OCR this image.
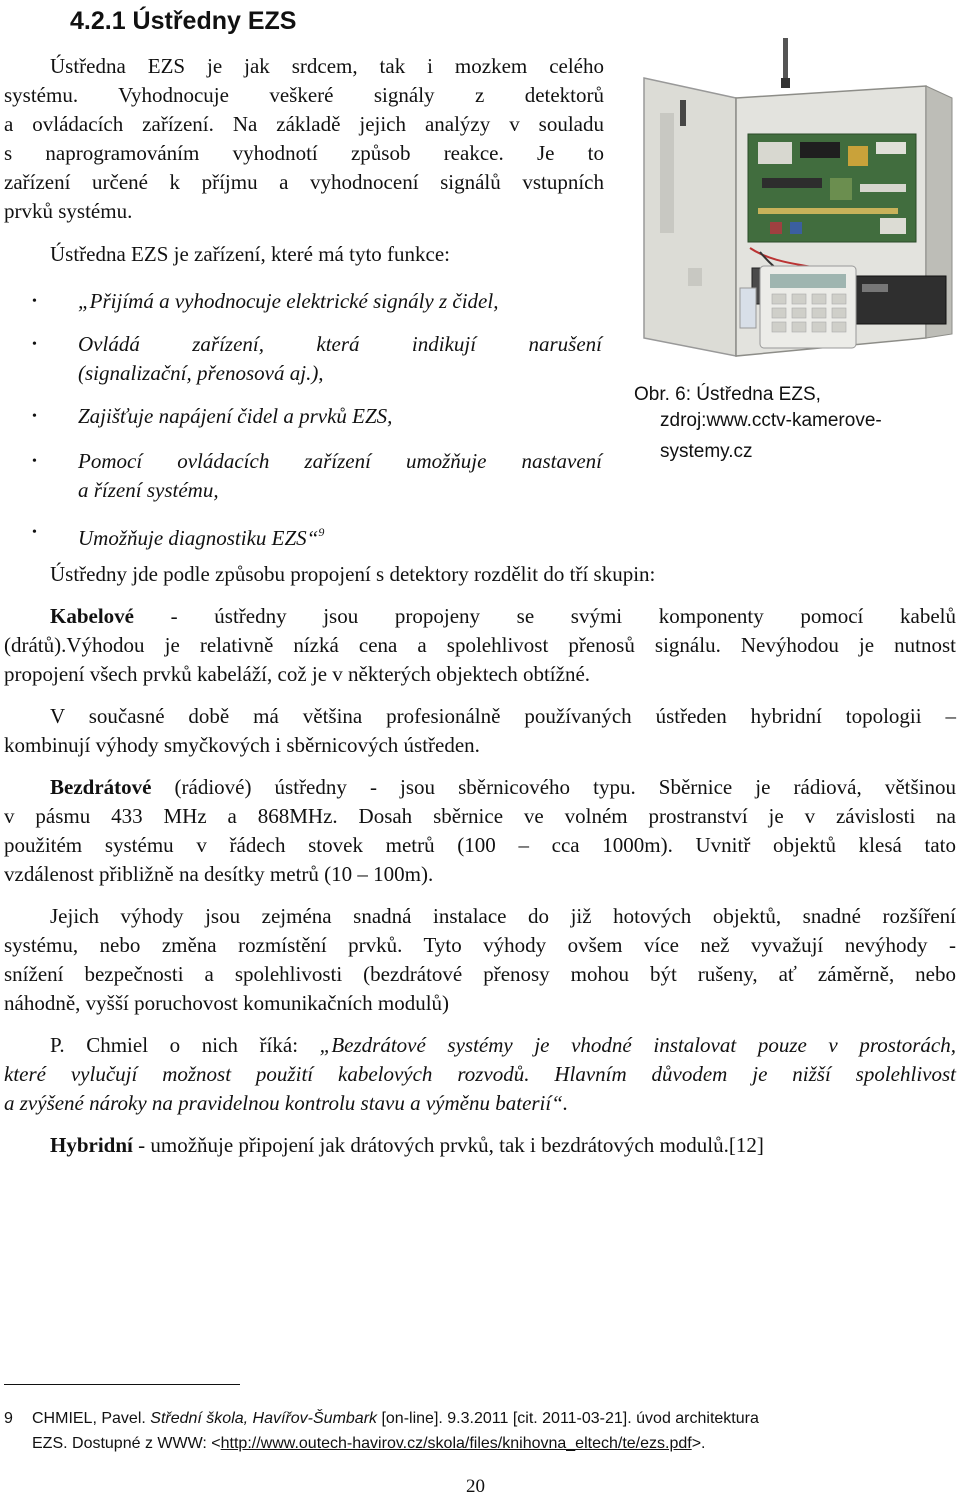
4.2.1 Ústředny EZS
Ústředna EZS je jak srdcem, tak i mozkem celého
systému. Vyhodnocuje veškeré signály z detektorů
a ovládacích zařízení. Na základě jejich analýzy v souladu
s naprogramováním vyhodnotí způsob reakce. Je to
zařízení určené k příjmu a vyhodnocení signálů vstupních
prvků systému.
Ústředna EZS je zařízení, které má tyto funkce:
• „Přijímá a vyhodnocuje elektrické signály z čidel,
• Ovládá zařízení, která indikují narušení
(signalizační, přenosová aj.),
• Zajišťuje napájení čidel a prvků EZS,
• Pomocí ovládacích zařízení umožňuje nastavení
a řízení systému,
• Umožňuje diagnostiku EZS“$^9$
Obr. 6: Ústředna EZS,
zdroj:www.cctv-kamerove-
systemy.cz
Ústředny jde podle způsobu propojení s detektory rozdělit do tří skupin:
Kabelové - ústředny jsou propojeny se svými komponenty pomocí kabelů
(drátů).Výhodou je relativně nízká cena a spolehlivost přenosů signálu. Nevýhodou je nutnost
propojení všech prvků kabeláží, což je v některých objektech obtížné.
V současné době má většina profesionálně používaných ústředen hybridní topologii –
kombinují výhody smyčkových i sběrnicových ústředen.
Bezdrátové (rádiové) ústředny - jsou sběrnicového typu. Sběrnice je rádiová, většinou
v pásmu 433 MHz a 868MHz. Dosah sběrnice ve volném prostranství je v závislosti na
použitém systému v řádech stovek metrů (100 – cca 1000m). Uvnitř objektů klesá tato
vzdálenost přibližně na desítky metrů (10 – 100m).
Jejich výhody jsou zejména snadná instalace do již hotových objektů, snadné rozšíření
systému, nebo změna rozmístění prvků. Tyto výhody ovšem více než vyvažují nevýhody -
snížení bezpečnosti a spolehlivosti (bezdrátové přenosy mohou být rušeny, ať záměrně, nebo
náhodně, vyšší poruchovost komunikačních modulů)
P. Chmiel o nich říká: „Bezdrátové systémy je vhodné instalovat pouze v prostorách,
které vylučují možnost použití kabelových rozvodů. Hlavním důvodem je nižší spolehlivost
a zvýšené nároky na pravidelnou kontrolu stavu a výměnu baterií“.
Hybridní - umožňuje připojení jak drátových prvků, tak i bezdrátových modulů.[12]
9 CHMIEL, Pavel. Střední škola, Havířov-Šumbark [on-line]. 9.3.2011 [cit. 2011-03-21]. úvod architektura
EZS. Dostupné z WWW: <http://www.outech-havirov.cz/skola/files/knihovna_eltech/te/ezs.pdf>.
20
